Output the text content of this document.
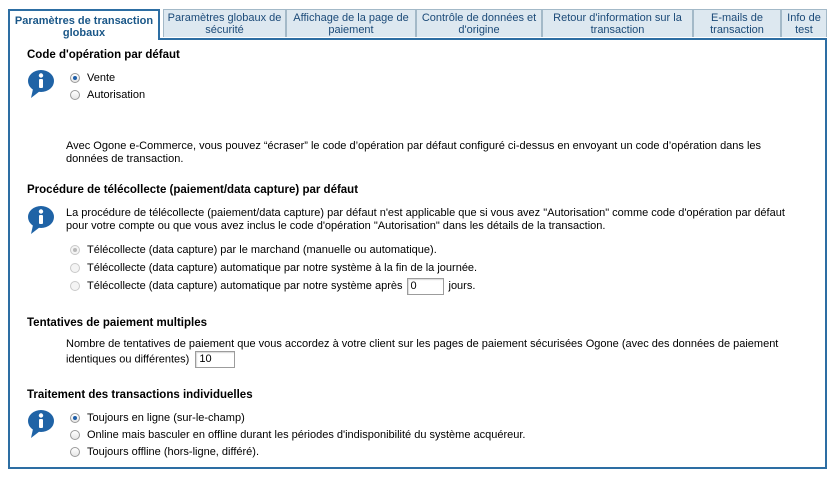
Paramètres de transaction globaux
Paramètres globaux de sécurité
Affichage de la page de paiement
Contrôle de données et d'origine
Retour d'information sur la transaction
E-mails de transaction
Info de test
Code d'opération par défaut
Vente
Autorisation
Avec Ogone e-Commerce, vous pouvez “écraser” le code d’opération par défaut configuré ci-dessus en envoyant un code d’opération dans les données de transaction.
Procédure de télécollecte (paiement/data capture) par défaut
La procédure de télécollecte (paiement/data capture) par défaut n'est applicable que si vous avez "Autorisation" comme code d'opération par défaut pour votre compte ou que vous avez inclus le code d'opération "Autorisation" dans les détails de la transaction.
Télécollecte (data capture) par le marchand (manuelle ou automatique).
Télécollecte (data capture) automatique par notre système à la fin de la journée.
Télécollecte (data capture) automatique par notre système après 0	jours.
Tentatives de paiement multiples
Nombre de tentatives de paiement que vous accordez à votre client sur les pages de paiement sécurisées Ogone (avec des données de paiement identiques ou différentes) 10
Traitement des transactions individuelles
Toujours en ligne (sur-le-champ)
Online mais basculer en offline durant les périodes d'indisponibilité du système acquéreur.
Toujours offline (hors-ligne, différé).
